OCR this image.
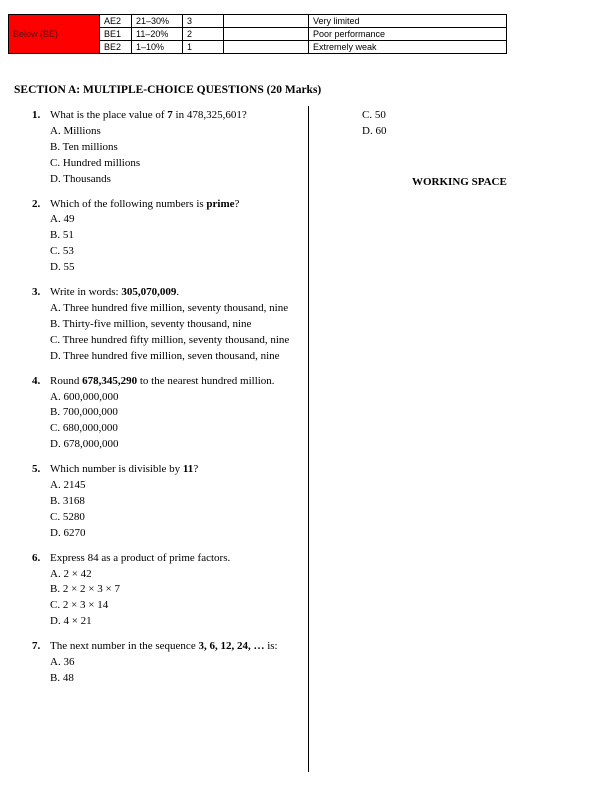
Below (BE)	AE2	21–30%	3		Very limited
	BE1	11–20%	2		Poor performance
	BE2	1–10%	1		Extremely weak
SECTION A: MULTIPLE-CHOICE QUESTIONS (20 Marks)
1. What is the place value of 7 in 478,325,601?
A. Millions
B. Ten millions
C. Hundred millions
D. Thousands
2. Which of the following numbers is prime?
A. 49
B. 51
C. 53
D. 55
3. Write in words: 305,070,009.
A. Three hundred five million, seventy thousand, nine
B. Thirty-five million, seventy thousand, nine
C. Three hundred fifty million, seventy thousand, nine
D. Three hundred five million, seven thousand, nine
4. Round 678,345,290 to the nearest hundred million.
A. 600,000,000
B. 700,000,000
C. 680,000,000
D. 678,000,000
5. Which number is divisible by 11?
A. 2145
B. 3168
C. 5280
D. 6270
6. Express 84 as a product of prime factors.
A. 2 × 42
B. 2 × 2 × 3 × 7
C. 2 × 3 × 14
D. 4 × 21
7. The next number in the sequence 3, 6, 12, 24, … is:
A. 36
B. 48
C. 50
D. 60
WORKING SPACE
